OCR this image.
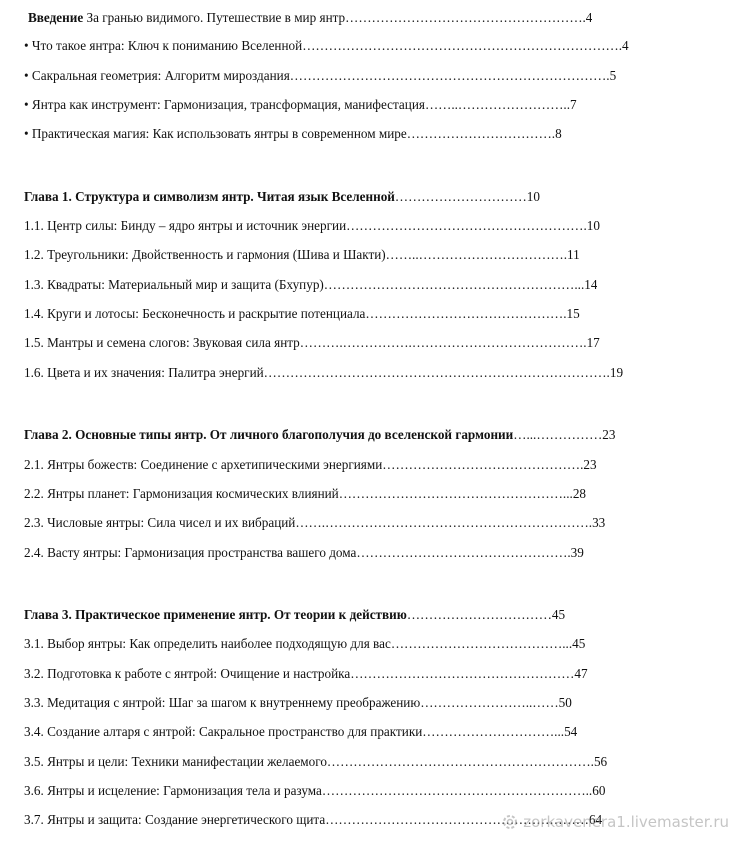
Введение За гранью видимого. Путешествие в мир янтр……………………………………………….4
• Что такое янтра: Ключ к пониманию Вселенной……………………………………………………………….4
• Сакральная геометрия: Алгоритм мироздания……………………………………………………………….5
• Янтра как инструмент: Гармонизация, трансформация, манифестация……..……………………..7
• Практическая магия: Как использовать янтры в современном мире…………………………….8
Глава 1. Структура и символизм янтр. Читая язык Вселенной…………………………10
1.1. Центр силы: Бинду – ядро янтры и источник энергии……………………………………………….10
1.2. Треугольники: Двойственность и гармония (Шива и Шакти)……..…………………………….11
1.3. Квадраты: Материальный мир и защита (Бхупур)…………………………………………………...14
1.4. Круги и лотосы: Бесконечность и раскрытие потенциала……………………………………….15
1.5. Мантры и семена слогов: Звуковая сила янтр……….…………….………………………………….17
1.6. Цвета и их значения: Палитра энергий…………………………………………………………………….19
Глава 2. Основные типы янтр. От личного благополучия до вселенской гармонии…...……………23
2.1. Янтры божеств: Соединение с архетипическими энергиями……………………………………….23
2.2. Янтры планет: Гармонизация космических влияний……………………………………………...28
2.3. Числовые янтры: Сила чисел и их вибраций…….…………………………………………………….33
2.4. Васту янтры: Гармонизация пространства вашего дома………………………………………….39
Глава 3. Практическое применение янтр. От теории к действию……………………………45
3.1. Выбор янтры: Как определить наиболее подходящую для вас…………………………………...45
3.2. Подготовка к работе с янтрой: Очищение и настройка……………………………………………47
3.3. Медитация с янтрой: Шаг за шагом к внутреннему преображению……………………..……50
3.4. Создание алтаря с янтрой: Сакральное пространство для практики…………………………...54
3.5. Янтры и цели: Техники манифестации желаемого…………………………………………………….56
3.6. Янтры и исцеление: Гармонизация тела и разума……………………………………………………..60
3.7. Янтры и защита: Создание энергетического щита……………………………………………………64
zorkavenera1.livemaster.ru
